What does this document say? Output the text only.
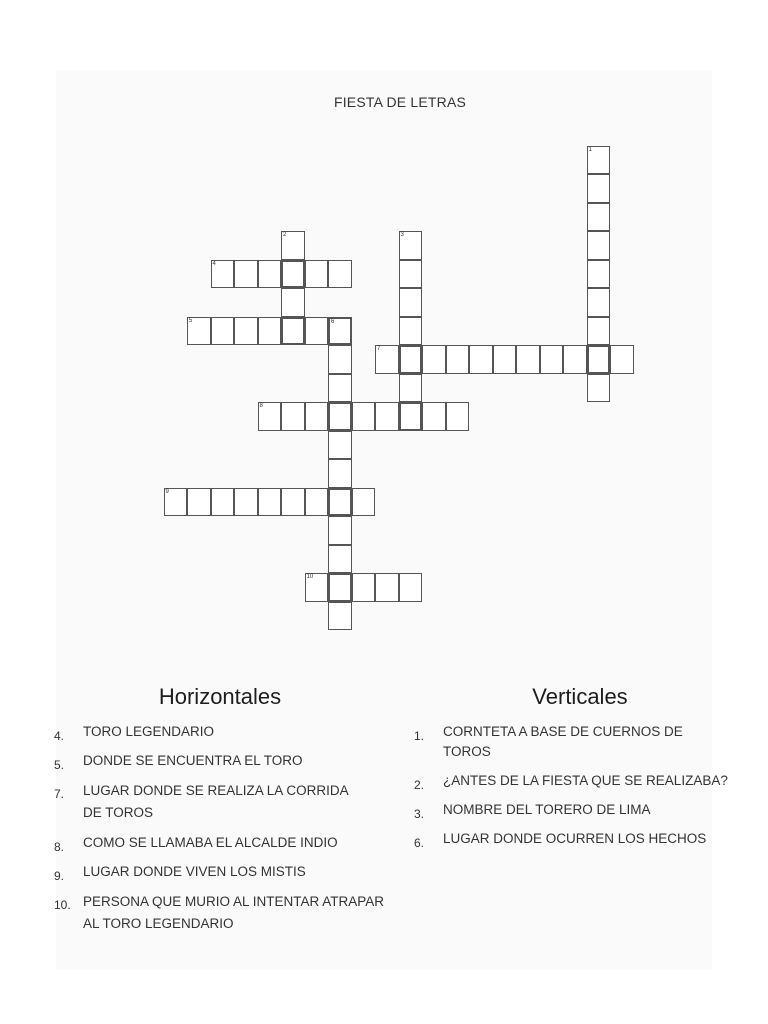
FIESTA DE LETRAS
1
2	3
4
5	6
7
8
9
10
Horizontales	Verticales
4. TORO LEGENDARIO
5. DONDE SE ENCUENTRA EL TORO
7. LUGAR DONDE SE REALIZA LA CORRIDA DE TOROS
8. COMO SE LLAMABA EL ALCALDE INDIO
9. LUGAR DONDE VIVEN LOS MISTIS
10. PERSONA QUE MURIO AL INTENTAR ATRAPAR AL TORO LEGENDARIO
1. CORNTETA A BASE DE CUERNOS DE TOROS
2. ¿ANTES DE LA FIESTA QUE SE REALIZABA?
3. NOMBRE DEL TORERO DE LIMA
6. LUGAR DONDE OCURREN LOS HECHOS
